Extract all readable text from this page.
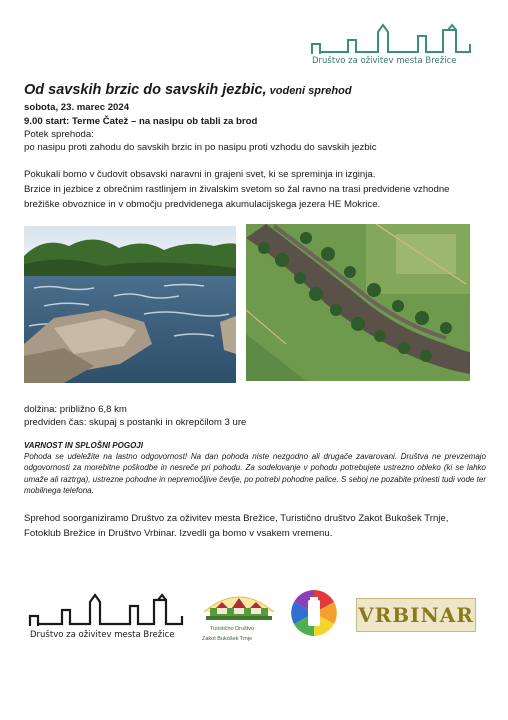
Društvo za oživitev mesta Brežice
Od savskih brzic do savskih jezbic, vodeni sprehod
sobota, 23. marec 2024
9.00 start: Terme Čatež – na nasipu ob tabli za brod
Potek sprehoda:
po nasipu proti zahodu do savskih brzic in po nasipu proti vzhodu do savskih jezbic
Pokukali bomo v čudovit obsavski naravni in grajeni svet, ki se spreminja in izginja.
Brzice in jezbice z obrečnim rastlinjem in živalskim svetom so žal ravno na trasi predvidene vzhodne brežiške obvoznice in v območju predvidenega akumulacijskega jezera HE Mokrice.
dolžina: približno 6,8 km
predviden čas: skupaj s postanki in okrepčilom 3 ure
VARNOST IN SPLOŠNI POGOJI
Pohoda se udeležite na lastno odgovornost! Na dan pohoda niste nezgodno ali drugače zavarovani. Društva ne prevzemajo odgovornosti za morebitne poškodbe in nesreče pri pohodu. Za sodelovanje v pohodu potrebujete ustrezno obleko (ki se lahko umaže ali raztrga), ustrezne pohodne in nepremočljive čevlje, po potrebi pohodne palice. S seboj ne pozabite prinesti tudi vode ter mobilnega telefona.
Sprehod soorganiziramo Društvo za oživitev mesta Brežice, Turistično društvo Zakot Bukošek Trnje, Fotoklub Brežice in Društvo Vrbinar. Izvedli ga bomo v vsakem vremenu.
Društvo za oživitev mesta Brežice
Turistično Društvo
Zakot Bukošek Trnje
VRBINAR
